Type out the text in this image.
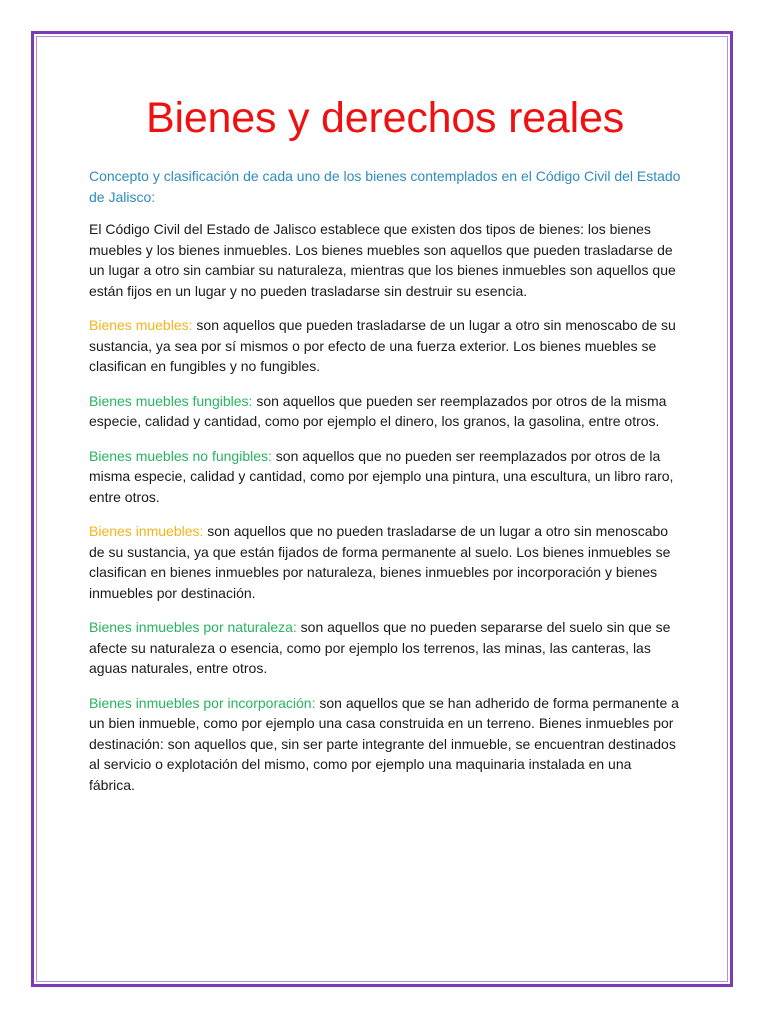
Bienes y derechos reales

Concepto y clasificación de cada uno de los bienes contemplados en el Código Civil del Estado de Jalisco:

El Código Civil del Estado de Jalisco establece que existen dos tipos de bienes: los bienes muebles y los bienes inmuebles. Los bienes muebles son aquellos que pueden trasladarse de un lugar a otro sin cambiar su naturaleza, mientras que los bienes inmuebles son aquellos que están fijos en un lugar y no pueden trasladarse sin destruir su esencia.

Bienes muebles: son aquellos que pueden trasladarse de un lugar a otro sin menoscabo de su sustancia, ya sea por sí mismos o por efecto de una fuerza exterior. Los bienes muebles se clasifican en fungibles y no fungibles.

Bienes muebles fungibles: son aquellos que pueden ser reemplazados por otros de la misma especie, calidad y cantidad, como por ejemplo el dinero, los granos, la gasolina, entre otros.

Bienes muebles no fungibles: son aquellos que no pueden ser reemplazados por otros de la misma especie, calidad y cantidad, como por ejemplo una pintura, una escultura, un libro raro, entre otros.

Bienes inmuebles: son aquellos que no pueden trasladarse de un lugar a otro sin menoscabo de su sustancia, ya que están fijados de forma permanente al suelo. Los bienes inmuebles se clasifican en bienes inmuebles por naturaleza, bienes inmuebles por incorporación y bienes inmuebles por destinación.

Bienes inmuebles por naturaleza: son aquellos que no pueden separarse del suelo sin que se afecte su naturaleza o esencia, como por ejemplo los terrenos, las minas, las canteras, las aguas naturales, entre otros.

Bienes inmuebles por incorporación: son aquellos que se han adherido de forma permanente a un bien inmueble, como por ejemplo una casa construida en un terreno. Bienes inmuebles por destinación: son aquellos que, sin ser parte integrante del inmueble, se encuentran destinados al servicio o explotación del mismo, como por ejemplo una maquinaria instalada en una fábrica.
